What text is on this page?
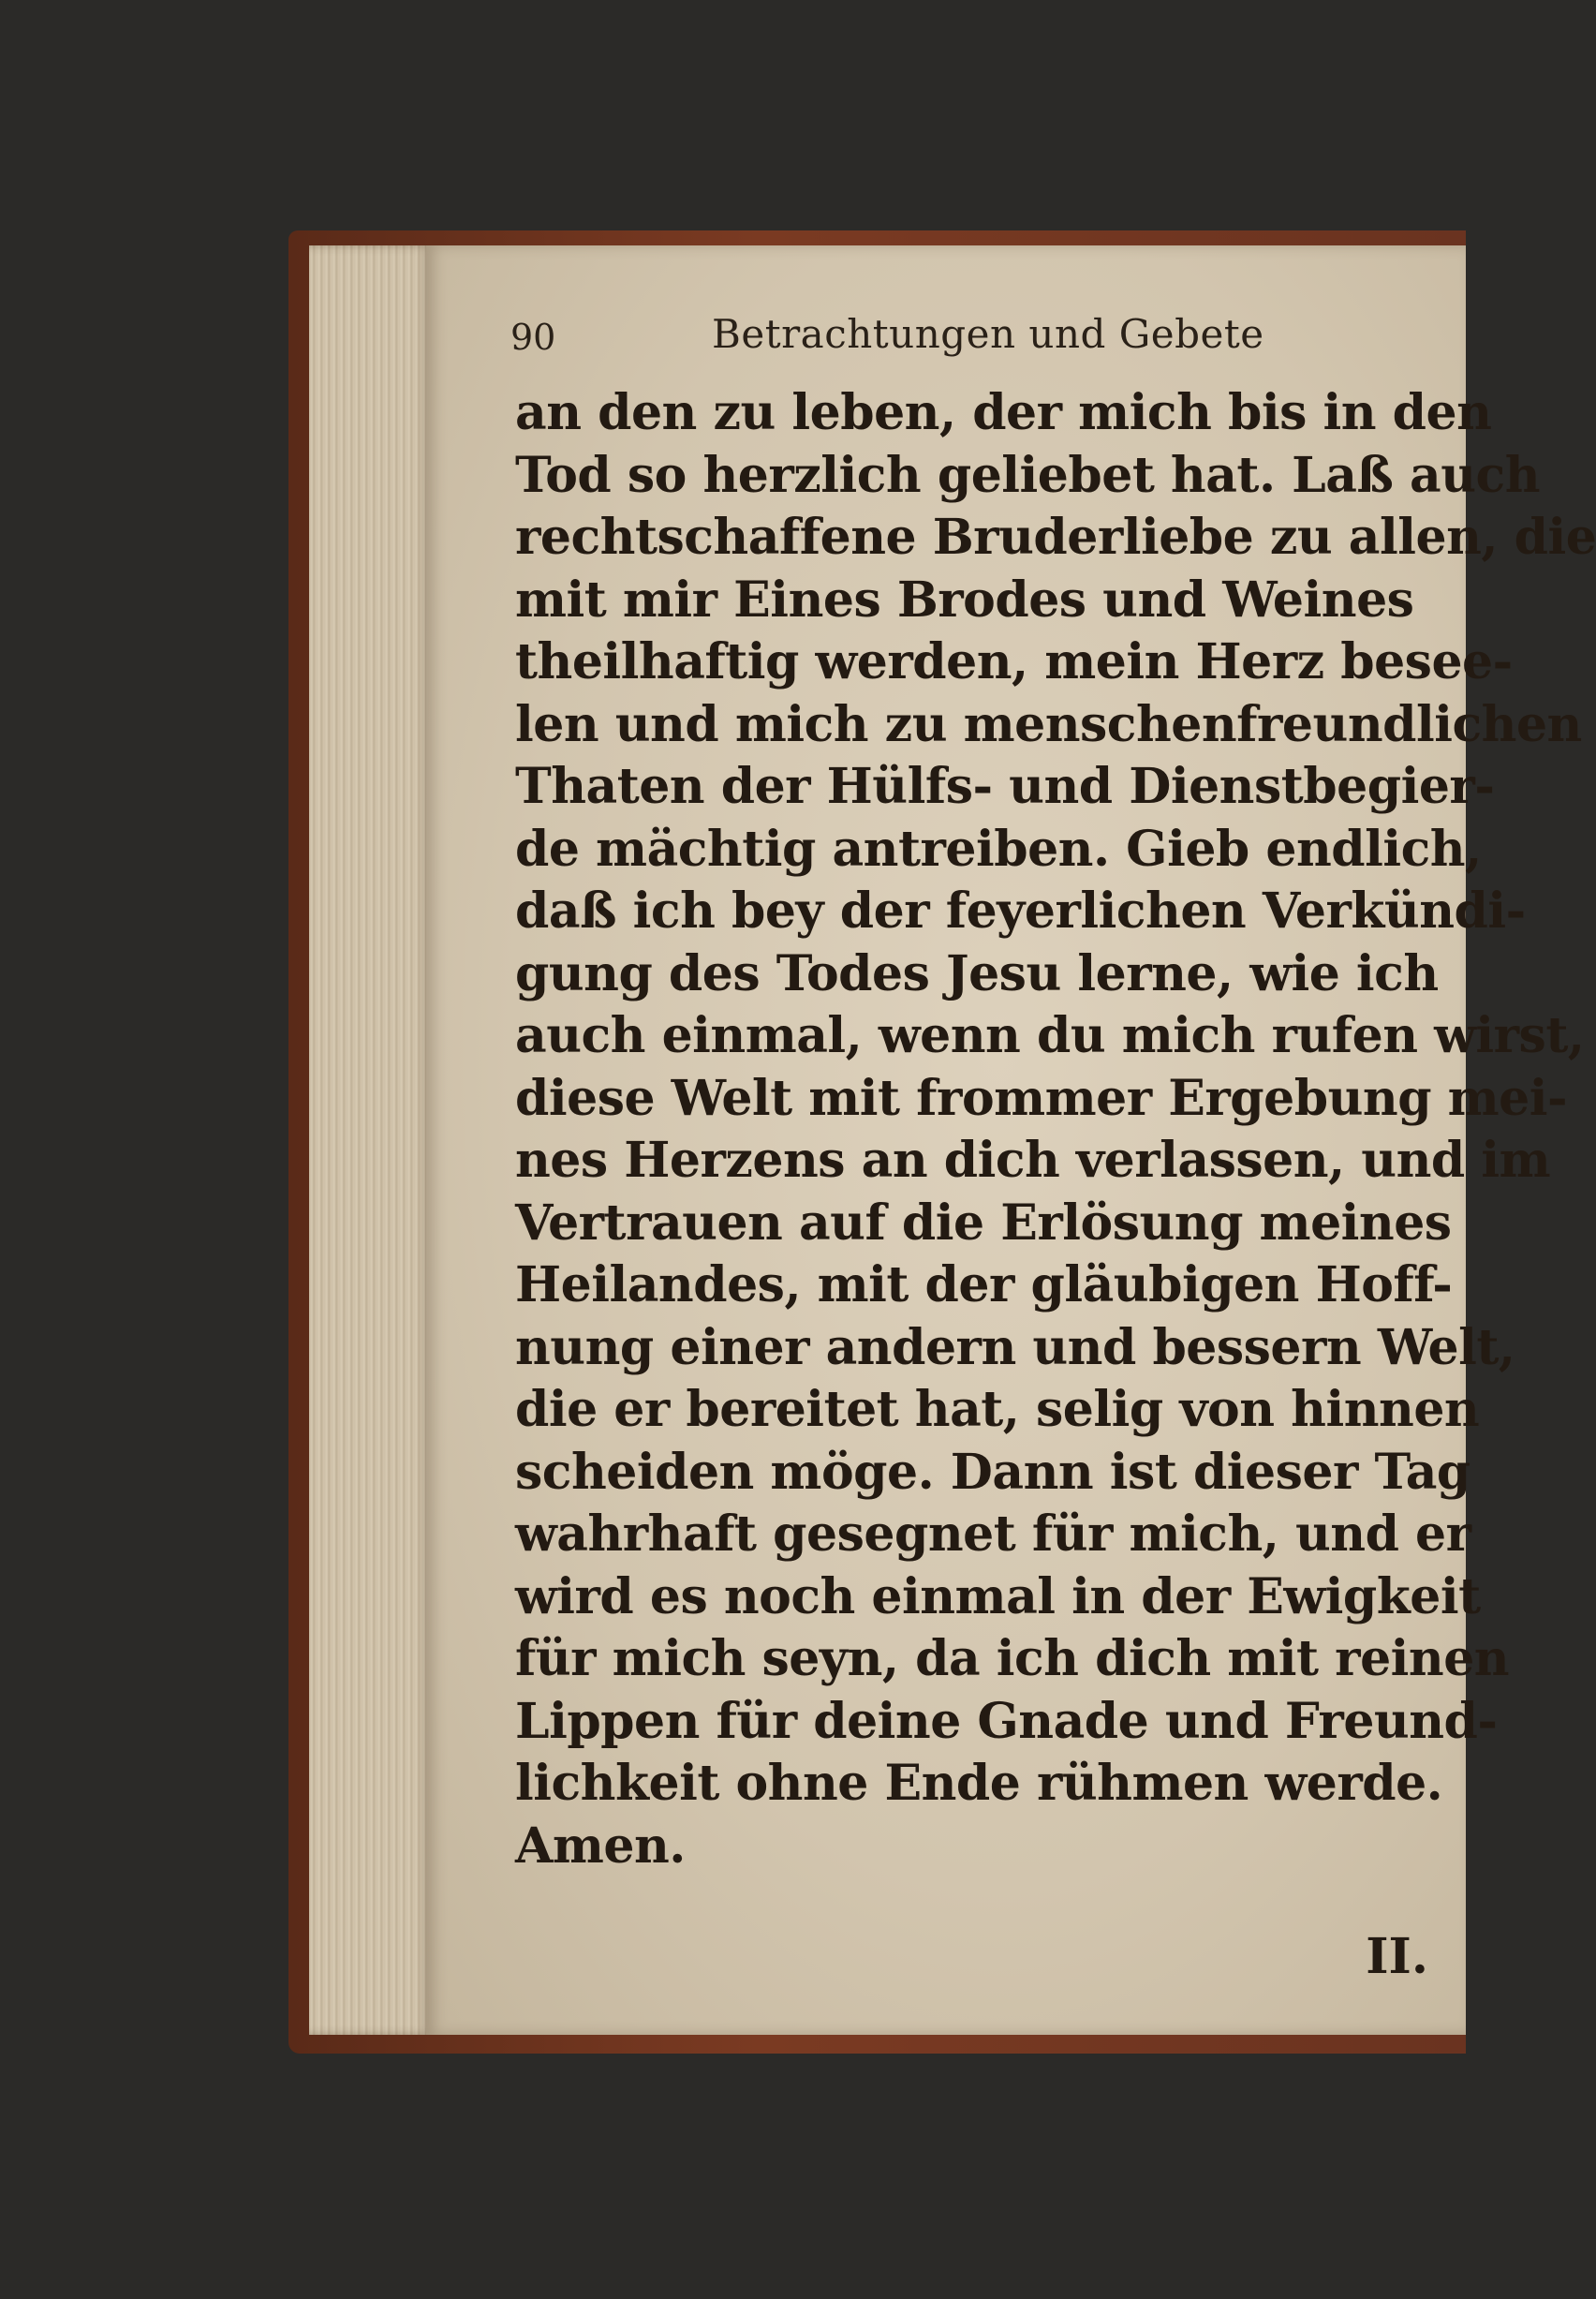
90	Betrachtungen und Gebete
an den zu leben, der mich bis in den
Tod so herzlich geliebet hat. Laß auch
rechtschaffene Bruderliebe zu allen, die
mit mir Eines Brodes und Weines
theilhaftig werden, mein Herz besee-
len und mich zu menschenfreundlichen
Thaten der Hülfs- und Dienstbegier-
de mächtig antreiben. Gieb endlich,
daß ich bey der feyerlichen Verkündi-
gung des Todes Jesu lerne, wie ich
auch einmal, wenn du mich rufen wirst,
diese Welt mit frommer Ergebung mei-
nes Herzens an dich verlassen, und im
Vertrauen auf die Erlösung meines
Heilandes, mit der gläubigen Hoff-
nung einer andern und bessern Welt,
die er bereitet hat, selig von hinnen
scheiden möge. Dann ist dieser Tag
wahrhaft gesegnet für mich, und er
wird es noch einmal in der Ewigkeit
für mich seyn, da ich dich mit reinen
Lippen für deine Gnade und Freund-
lichkeit ohne Ende rühmen werde.
Amen.
II.
